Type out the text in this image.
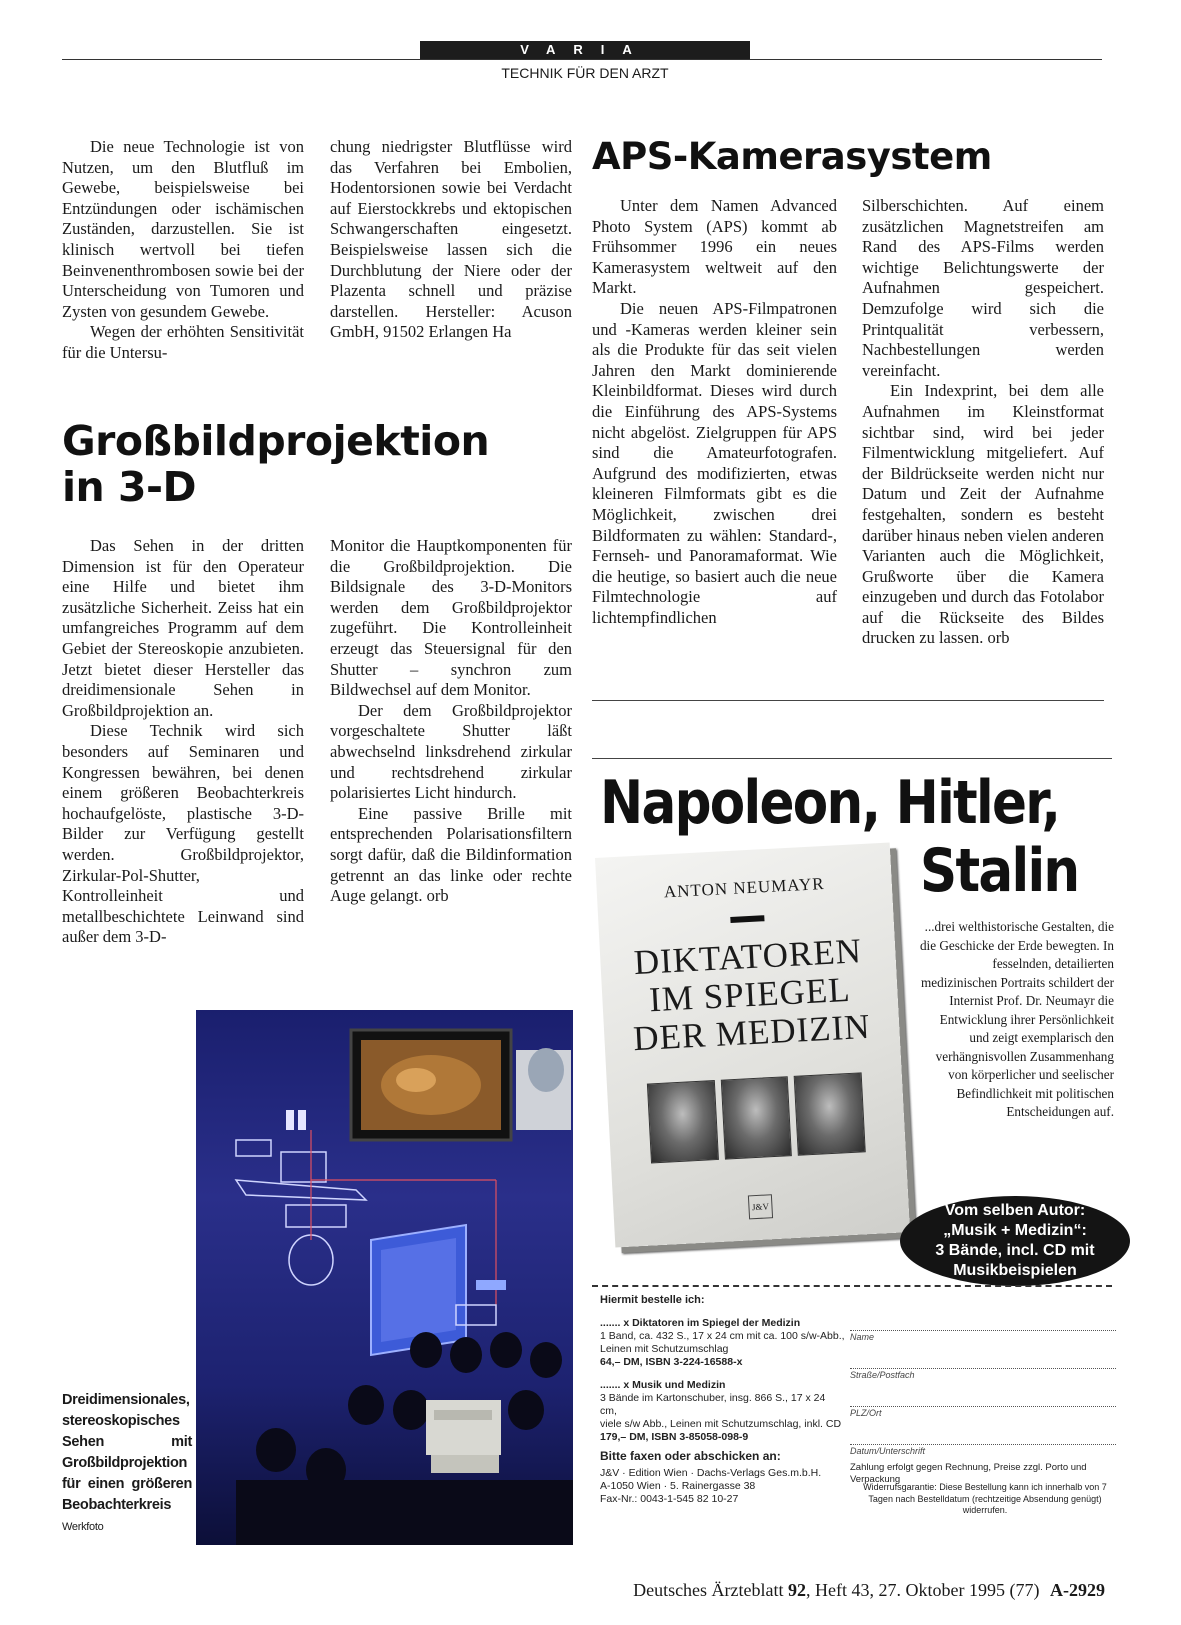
VARIA
TECHNIK FÜR DEN ARZT

Die neue Technologie ist von Nutzen, um den Blutfluß im Gewebe, beispielsweise bei Entzündungen oder ischämischen Zuständen, darzustellen. Sie ist klinisch wertvoll bei tiefen Beinvenenthrombosen sowie bei der Unterscheidung von Tumoren und Zysten von gesundem Gewebe.

Wegen der erhöhten Sensitivität für die Untersu-

chung niedrigster Blutflüsse wird das Verfahren bei Embolien, Hodentorsionen sowie bei Verdacht auf Eierstockkrebs und ektopischen Schwangerschaften eingesetzt. Beispielsweise lassen sich die Durchblutung der Niere oder der Plazenta schnell und präzise darstellen. Hersteller: Acuson GmbH, 91502 Erlangen Ha

Großbildprojektion
in 3-D

Das Sehen in der dritten Dimension ist für den Operateur eine Hilfe und bietet ihm zusätzliche Sicherheit. Zeiss hat ein umfangreiches Programm auf dem Gebiet der Stereoskopie anzubieten. Jetzt bietet dieser Hersteller das dreidimensionale Sehen in Großbildprojektion an.

Diese Technik wird sich besonders auf Seminaren und Kongressen bewähren, bei denen einem größeren Beobachterkreis hochaufgelöste, plastische 3-D-Bilder zur Verfügung gestellt werden. Großbildprojektor, Zirkular-Pol-Shutter, Kontrolleinheit und metallbeschichtete Leinwand sind außer dem 3-D-

Monitor die Hauptkomponenten für die Großbildprojektion. Die Bildsignale des 3-D-Monitors werden dem Großbildprojektor zugeführt. Die Kontrolleinheit erzeugt das Steuersignal für den Shutter – synchron zum Bildwechsel auf dem Monitor.

Der dem Großbildprojektor vorgeschaltete Shutter läßt abwechselnd linksdrehend zirkular und rechtsdrehend zirkular polarisiertes Licht hindurch.

Eine passive Brille mit entsprechenden Polarisationsfiltern sorgt dafür, daß die Bildinformation getrennt an das linke oder rechte Auge gelangt. orb

Dreidimensionales, stereoskopisches Sehen mit Großbildprojektion für einen größeren Beobachterkreis Werkfoto
APS-Kamerasystem

Unter dem Namen Advanced Photo System (APS) kommt ab Frühsommer 1996 ein neues Kamerasystem weltweit auf den Markt.

Die neuen APS-Filmpatronen und -Kameras werden kleiner sein als die Produkte für das seit vielen Jahren den Markt dominierende Kleinbildformat. Dieses wird durch die Einführung des APS-Systems nicht abgelöst. Zielgruppen für APS sind die Amateurfotografen. Aufgrund des modifizierten, etwas kleineren Filmformats gibt es die Möglichkeit, zwischen drei Bildformaten zu wählen: Standard-, Fernseh- und Panoramaformat. Wie die heutige, so basiert auch die neue Filmtechnologie auf lichtempfindlichen

Silberschichten. Auf einem zusätzlichen Magnetstreifen am Rand des APS-Films werden wichtige Belichtungswerte der Aufnahmen gespeichert. Demzufolge wird sich die Printqualität verbessern, Nachbestellungen werden vereinfacht.

Ein Indexprint, bei dem alle Aufnahmen im Kleinstformat sichtbar sind, wird bei jeder Filmentwicklung mitgeliefert. Auf der Bildrückseite werden nicht nur Datum und Zeit der Aufnahme festgehalten, sondern es besteht darüber hinaus neben vielen anderen Varianten auch die Möglichkeit, Grußworte über die Kamera einzugeben und durch das Fotolabor auf die Rückseite des Bildes drucken zu lassen. orb

Napoleon, Hitler,
Stalin
ANTON NEUMAYR
DIKTATOREN
IM SPIEGEL
DER MEDIZIN
J&V
...drei welthistorische Gestalten, die die Geschicke der Erde bewegten. In fesselnden, detailierten medizinischen Portraits schildert der Internist Prof. Dr. Neumayr die Entwicklung ihrer Persönlichkeit und zeigt exemplarisch den verhängnisvollen Zusammenhang von körperlicher und seelischer Befindlichkeit mit politischen Entscheidungen auf.
Vom selben Autor:
„Musik + Medizin“:
3 Bände, incl. CD mit
Musikbeispielen
Hiermit bestelle ich:
....... x Diktatoren im Spiegel der Medizin
1 Band, ca. 432 S., 17 x 24 cm mit ca. 100 s/w-Abb.,
Leinen mit Schutzumschlag
64,– DM, ISBN 3-224-16588-x
....... x Musik und Medizin
3 Bände im Kartonschuber, insg. 866 S., 17 x 24 cm,
viele s/w Abb., Leinen mit Schutzumschlag, inkl. CD
179,– DM, ISBN 3-85058-098-9
Bitte faxen oder abschicken an:
J&V · Edition Wien · Dachs-Verlags Ges.m.b.H.
A-1050 Wien · 5. Rainergasse 38
Fax-Nr.: 0043-1-545 82 10-27
Name
Straße/Postfach
PLZ/Ort
Datum/Unterschrift
Zahlung erfolgt gegen Rechnung, Preise zzgl. Porto und Verpackung
Widerrufsgarantie: Diese Bestellung kann ich innerhalb von 7 Tagen nach Bestelldatum (rechtzeitige Absendung genügt) widerrufen.
Deutsches Ärzteblatt 92, Heft 43, 27. Oktober 1995 (77) A-2929
